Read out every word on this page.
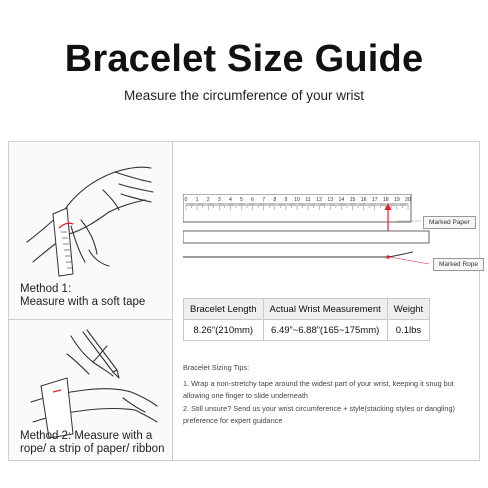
Bracelet Size Guide
Measure the circumference of your wrist
Method 1:
Measure with a soft tape
Method 2: Measure with a
rope/ a strip of paper/ ribbon
0 1 2 3 4 5 6 7 8 9 10 11 12 13 14 15 16 17 18 19 20
Marked Paper
Marked Rope
Bracelet Length	Actual Wrist Measurement	Weight
8.26”(210mm)	6.49”~6.88”(165~175mm)	0.1lbs

Bracelet Sizing Tips:

1. Wrap a non-stretchy tape around the widest part of your wrist, keeping it snug but allowing one finger to slide underneath

2. Still unsure? Send us your wrist circumference + style(stacking styles or dangling) preference for expert guidance
